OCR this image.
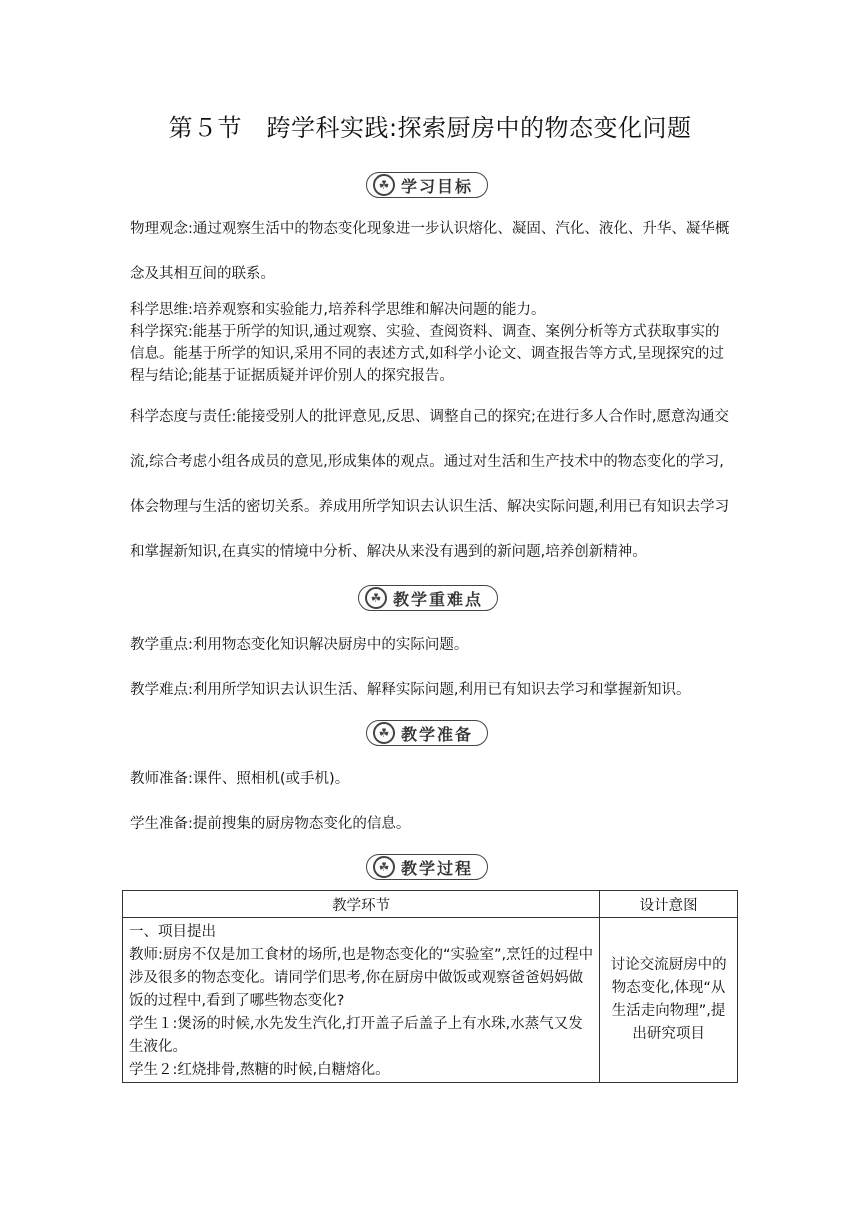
第５节　跨学科实践:探索厨房中的物态变化问题
☘ 学习目标

物理观念:通过观察生活中的物态变化现象进一步认识熔化、凝固、汽化、液化、升华、凝华概念及其相互间的联系。

科学思维:培养观察和实验能力,培养科学思维和解决问题的能力。

科学探究:能基于所学的知识,通过观察、实验、查阅资料、调查、案例分析等方式获取事实的信息。能基于所学的知识,采用不同的表述方式,如科学小论文、调查报告等方式,呈现探究的过程与结论;能基于证据质疑并评价别人的探究报告。

科学态度与责任:能接受别人的批评意见,反思、调整自己的探究;在进行多人合作时,愿意沟通交流,综合考虑小组各成员的意见,形成集体的观点。通过对生活和生产技术中的物态变化的学习,体会物理与生活的密切关系。养成用所学知识去认识生活、解决实际问题,利用已有知识去学习和掌握新知识,在真实的情境中分析、解决从来没有遇到的新问题,培养创新精神。

☘ 教学重难点

教学重点:利用物态变化知识解决厨房中的实际问题。

教学难点:利用所学知识去认识生活、解释实际问题,利用已有知识去学习和掌握新知识。

☘ 教学准备

教师准备:课件、照相机(或手机)。

学生准备:提前搜集的厨房物态变化的信息。

☘ 教学过程
教学环节	设计意图

一、项目提出
教师:厨房不仅是加工食材的场所,也是物态变化的“实验室”,烹饪的过程中涉及很多的物态变化。请同学们思考,你在厨房中做饭或观察爸爸妈妈做饭的过程中,看到了哪些物态变化?
学生１:煲汤的时候,水先发生汽化,打开盖子后盖子上有水珠,水蒸气又发生液化。
学生２:红烧排骨,熬糖的时候,白糖熔化。	讨论交流厨房中的物态变化,体现“从生活走向物理”,提出研究项目
